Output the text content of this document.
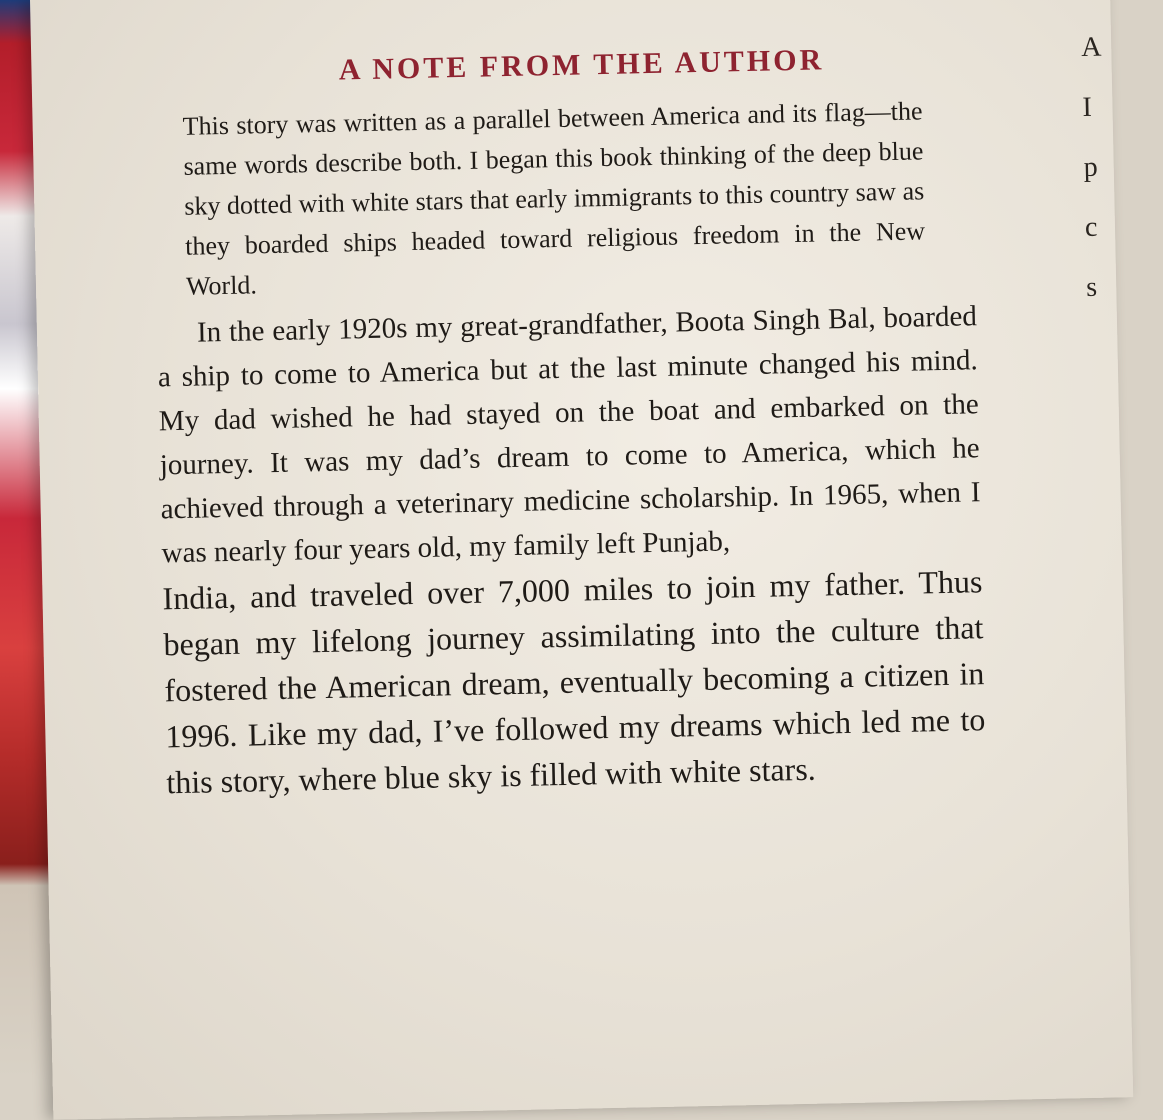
A NOTE FROM THE AUTHOR

This story was written as a parallel between America and its flag—the same words describe both. I began this book thinking of the deep blue sky dotted with white stars that early immigrants to this country saw as they boarded ships headed toward religious freedom in the New World.

In the early 1920s my great-grandfather, Boota Singh Bal, boarded a ship to come to America but at the last minute changed his mind. My dad wished he had stayed on the boat and embarked on the journey. It was my dad’s dream to come to America, which he achieved through a veterinary medicine scholarship. In 1965, when I was nearly four years old, my family left Punjab,

India, and traveled over 7,000 miles to join my father. Thus began my lifelong journey assimilating into the culture that fostered the American dream, eventually becoming a citizen in 1996. Like my dad, I’ve followed my dreams which led me to this story, where blue sky is filled with white stars.

A
I
p
c
s
